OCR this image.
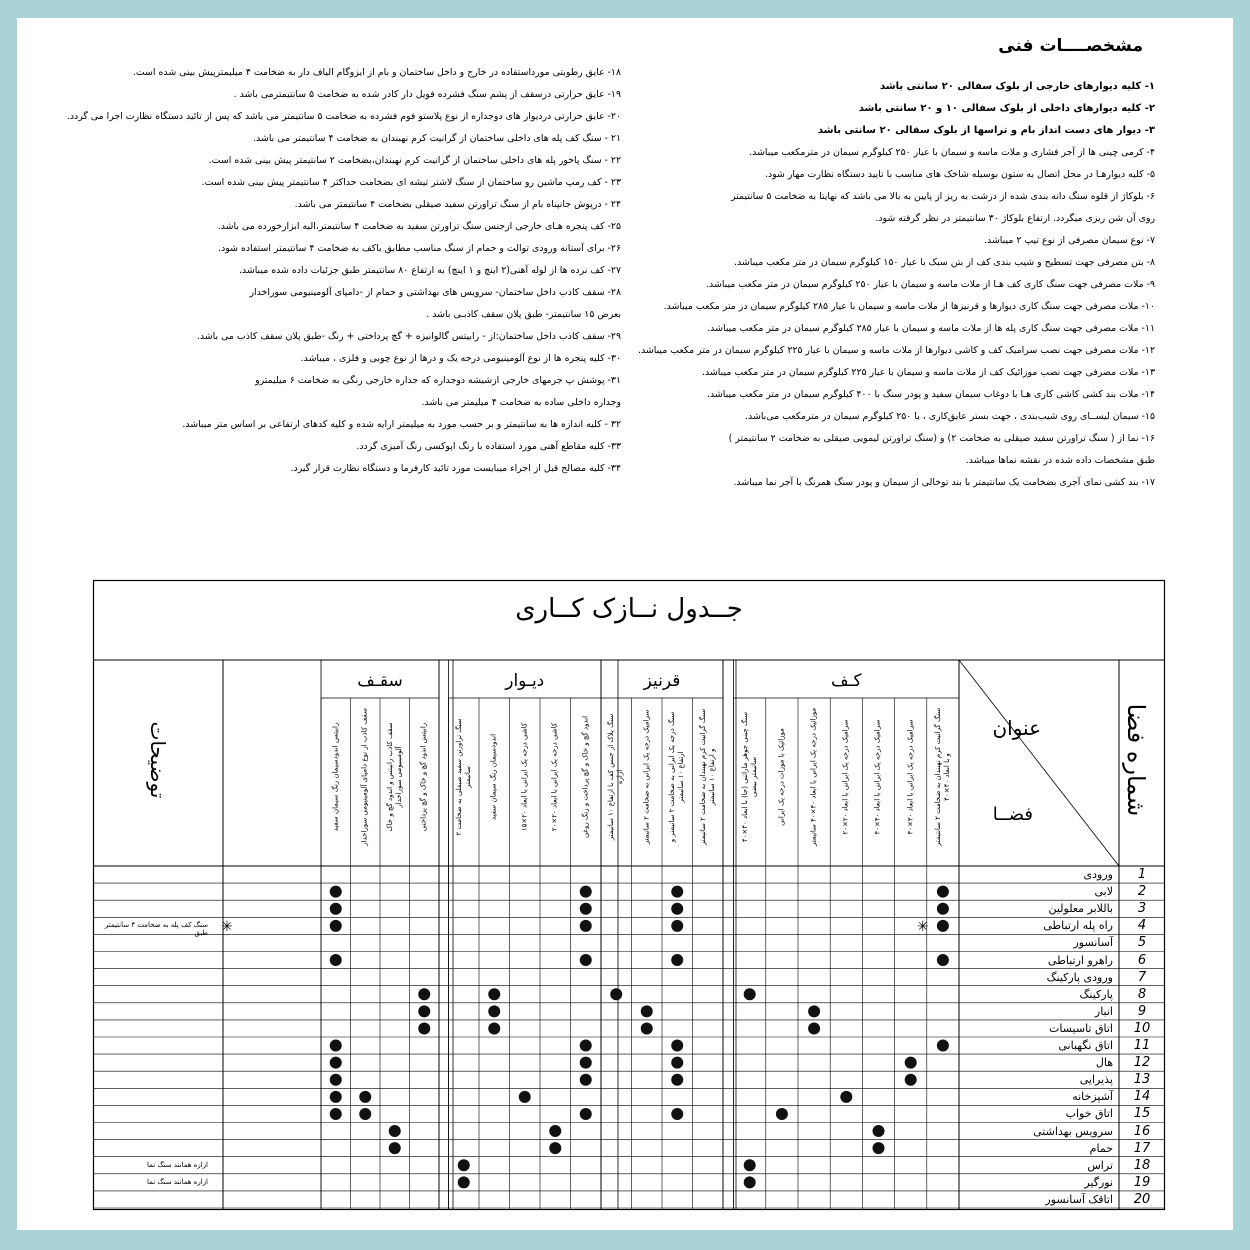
مشخصــــات فنی
۱- کلیه دیوارهای خارجی از بلوک سفالی ۲۰ سانتی باشد
۲- کلیه دیوارهای داخلی از بلوک سفالی ۱۰ و ۲۰ سانتی باشد
۳- دیوار های دست انداز بام و تراسها از بلوک سفالی ۲۰ سانتی باشد
۴- کرمی چینی ها از آجر فشاری و ملات ماسه و سیمان با عیار ۲۵۰ کیلوگرم سیمان در مترمکعب میباشد.
۵- کلیه دیوارهـا در محل اتصال به ستون بوسیله شاخک های مناسب با تایید دستگاه نظارت مهار شود.
۶- بلوکاژ از قلوه سنگ دانه بندی شده از درشت به ریز از پایین به بالا می باشد که نهایتا به ضخامت ۵ سانتیمتر
روی آن شن ریزی میگردد. ارتفاع بلوکاژ ۳۰ سانتیمتر در نظر گرفته شود.
۷- نوع سیمان مصرفی از نوع تیپ ۲ میباشد.
۸- بتن مصرفی جهت تسطیح و شیب بندی کف از بتن سبک با عیار ۱۵۰ کیلوگرم سیمان در متر مکعب میباشد.
۹- ملات مصرفی جهت سنگ کاری کف هـا از ملات ماسه و سیمان با عیار ۲۵۰ کیلوگرم سیمان در متر مکعب میباشد.
۱۰- ملات مصرفی جهت سنگ کاری دیوارها و قرنیزها از ملات ماسه و سیمان با عیار ۲۸۵ کیلوگرم سیمان در متر مکعب میباشد.
۱۱- ملات مصرفی جهت سنگ کاری پله ها از ملات ماسه و سیمان با عیار ۲۸۵ کیلوگرم سیمان در متر مکعب میباشد.
۱۲- ملات مصرفی جهت نصب سرامیک کف و کاشی دیوارها از ملات ماسه و سیمان با عیار ۲۲۵ کیلوگرم سیمان در متر مکعب میباشد.
۱۳- ملات مصرفی جهت نصب موزائیک کف از ملات ماسه و سیمان با عیار ۲۲۵ کیلوگرم سیمان در متر مکعب میباشد.
۱۴- ملات بند کشی کاشی کاری هـا با دوغاب سیمان سفید و پودر سنگ با ۴۰۰ کیلوگرم سیمان در متر مکعب میباشد.
۱۵- سیمان لیســای روی شیب‌بندی ، جهت بستر عایق‌کاری ، با ۲۵۰ کیلوگرم سیمان در مترمکعب می‌باشد.
۱۶- نما از ( سنگ تراورتن سفید صیقلی به ضخامت ۲) و (سنگ تراورتن لیمویی صیقلی به ضخامت ۲ سانتیمتر )
طبق مشخصات داده شده در نقشه نماها میباشد.
۱۷- بند کشی نمای آجری بضخامت یک سانتیمتر با بند توخالی از سیمان و پودر سنگ همرنگ با آجر نما میباشد.
۱۸- عایق رطوبتی مورداستفاده در خارج و داخل ساختمان و بام از ایزوگام الیاف دار به ضخامت ۴ میلیمترپیش بینی شده است.
۱۹- عایق حرارتی درسقف از پشم سنگ فشرده فویل دار کادر شده به ضخامت ۵ سانتیمترمی باشد .
۲۰- عایق حرارتی دردیوار های دوجداره از نوع پلاستو فوم فشرده به ضخامت ۵ سانتیمتر می باشد که پس از تائید دستگاه نظارت اجرا می گردد.
۲۱ - سنگ کف پله های داخلی ساختمان از گرانیت کرم نهبندان به ضخامت ۴ سانتیمتر می باشد.
۲۲ - سنگ پاخور پله های داخلی ساختمان از گرانیت کرم نهبندان،بضخامت ۲ سانتیمتر پیش بینی شده است.
۲۳ - کف رمپ ماشین رو ساختمان از سنگ لاشتر تیشه ای بضخامت حداکثر ۴ سانتیمتر پیش بینی شده است.
۲۴ - درپوش جانپناه بام از سنگ تراورتن سفید صیقلی بضخامت ۴ سانتیمتر می باشد.
۲۵- کف پنجره هـای خارجی ازجنس سنگ تراورتن سفید به ضخامت ۴ سانتیمتر،البه ابزارخورده می باشد.
۲۶- برای آستانه ورودی توالت و حمام از سنگ مناسب مطابق باکف به ضخامت ۴ سانتیمتر استفاده شود.
۲۷- کف نرده ها از لوله آهنی(۲ اینچ و ۱ اینچ) به ارتفاع ۸۰ سانتیمتر طبق جزئیات داده شده میباشد.
۲۸- سقف کاذب داخل ساختمان- سرویس های بهداشتی و حمام از -دامپای آلومینیومی سوراخدار
بعرض ۱۵ سانتیمتر- طبق پلان سقف کاذبـی باشد .
۲۹- سقف کاذب داخل ساختمان:از - رابیتس گالوانیزه + گچ پرداختی + رنگ -طبق پلان سقف کاذب می باشد.
۳۰- کلیه پنجره ها از نوع آلومینیومی درجه یک و درها از نوع چوبی و فلزی ، میباشد.
۳۱- پوشش پ جرمهای خارجی ازشیشه دوجداره که جداره خارجی رنگی به ضخامت ۶ میلیمترو
وجداره داخلی ساده به ضخامت ۴ میلیمتر می باشد.
۳۲ - کلیه اندازه ها به سانتیمتر و بر حسب مورد به میلیمتر ارایه شده و کلیه کدهای ارتفاعی بر اساس متر میباشد.
۳۳- کلیه مقاطع آهنی مورد استفاده با رنگ اپوکسی رنگ آمیزی گردد.
۳۴- کلیه مصالح قبل از اجراء میبایست مورد تائید کارفرما و دستگاه نظارت قرار گیرد.
✳
✳
جــدول نــازک کــاری
شماره فضا
عنوان
فضــا
توضیحات
کـف
قرنیز
دیـوار
سقـف
سنگ گرانیت کرم نهبندان به ضخامت ۲ سانتیمتر و با ابعاد ۴۰×۴۰
سرامیک درجه یک ایرانی با ابعاد ۳۰×۳۰
سرامیک درجه یک ایرانی با ابعاد ۴۰×۴۰
سرامیک درجه یک ایرانی با ابعاد ۲۰×۲۰
موزائیک درجه یک ایرانی با ابعاد ۴۰×۴۰ ساتیمتر
موزائیک با موزات درجه یک ایرانی
سنگ چینی جوهر ماراتنی (جا) با ابعاد ۴۰×۴۰ ساتیمتر بیضی
سنگ گرانیت کرم نهبندان به ضخامت ۲ ساتیمتر و ارتفاع ۱۰ ساتیمتر
سنگ درجه یک ایرانی به ضخامت ۲ ساتیمتر و ارتفاع ۱۰ ساتیمتر
سرامیک درجه یک ایرانی به ضخامت ۲ ساتیمتر
سنگ پلاک از جنس کف با ارتفاع ۱۰ ساتیمتر ازاره
اندود گچ و خاک و گچ پرداخت و رنگ روغن
کاشی درجه یک ایرانی با ابعاد ۲۰×۲۰
کاشی درجه یک ایرانی با ابعاد ۲۰×۱۵
اندودسیمان رنگ سیمان سفید
سنگ تراورتن سفید صیقلی به ضخامت ۲ ساتیمتر
رابیتس اندود گچ و خاک و گچ پرداختی
سقف کاذب رابیتس و اندود گچ و خاک آلومینیومی سوراخدار
سقف کاذب از نوع دامپای آلومینیومی سوراخدار
رابیتس اندودسیمان رنگ سیمان سفید
1
ورودی
2
لابی
3
باللابر معلولین
4
راه پله ارتباطی
سنگ کف پله به ضخامت ۴ سانتیمتر طبق
5
آسانسور
6
راهرو ارتباطی
7
ورودی پارکینگ
8
پارکینگ
9
انبار
10
اتاق تاسیسات
11
اتاق نگهبانی
12
هال
13
پذیرایی
14
آشپزخانه
15
اتاق خواب
16
سرویس بهداشتی
17
حمام
18
تراس
ازاره همانند سنگ نما
19
نورگیر
ازاره همانند سنگ نما
20
اتاقک آسانسور
